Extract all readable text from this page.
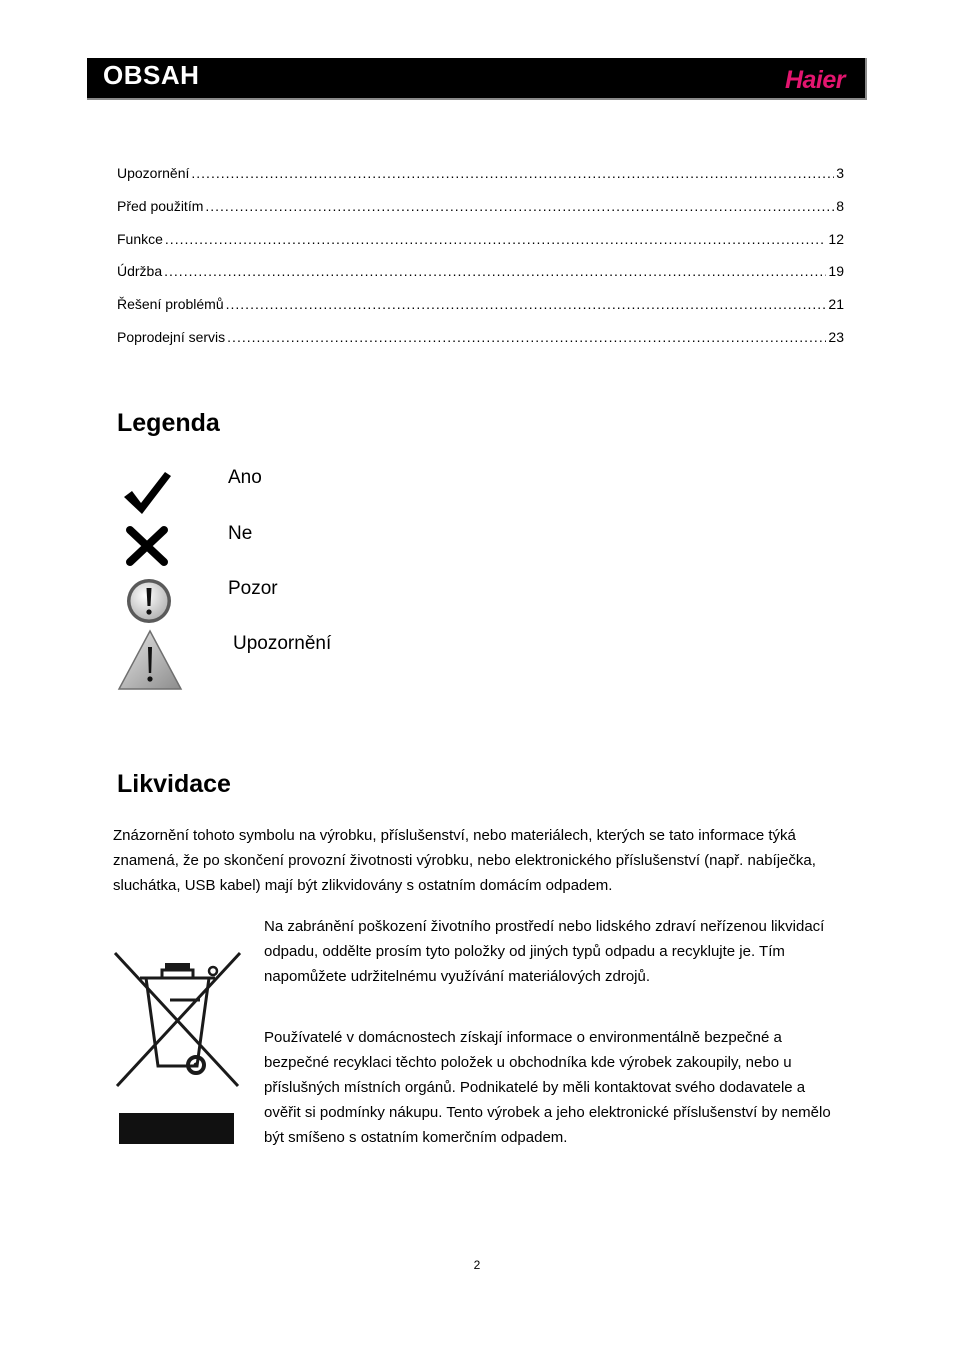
OBSAH	Haier
Upozornění .....	3
Před použitím .....	8
Funkce .....	12
Údržba .....	19
Řešení problémů .....	21
Poprodejní servis .....	23
Legenda
Ano
Ne
Pozor
Upozornění
Likvidace

Znázornění tohoto symbolu na výrobku, příslušenství, nebo materiálech, kterých se tato informace týká znamená, že po skončení provozní životnosti výrobku, nebo elektronického příslušenství (např. nabíječka, sluchátka, USB kabel) mají být zlikvidovány s ostatním domácím odpadem.

Na zabránění poškození životního prostředí nebo lidského zdraví neřízenou likvidací odpadu, oddělte prosím tyto položky od jiných typů odpadu a recyklujte je. Tím napomůžete udržitelnému využívání materiálových zdrojů.

Používatelé v domácnostech získají informace o environmentálně bezpečné a bezpečné recyklaci těchto položek u obchodníka kde výrobek zakoupily, nebo u příslušných místních orgánů. Podnikatelé by měli kontaktovat svého dodavatele a ověřit si podmínky nákupu. Tento výrobek a jeho elektronické příslušenství by nemělo být smíšeno s ostatním komerčním odpadem.

2
